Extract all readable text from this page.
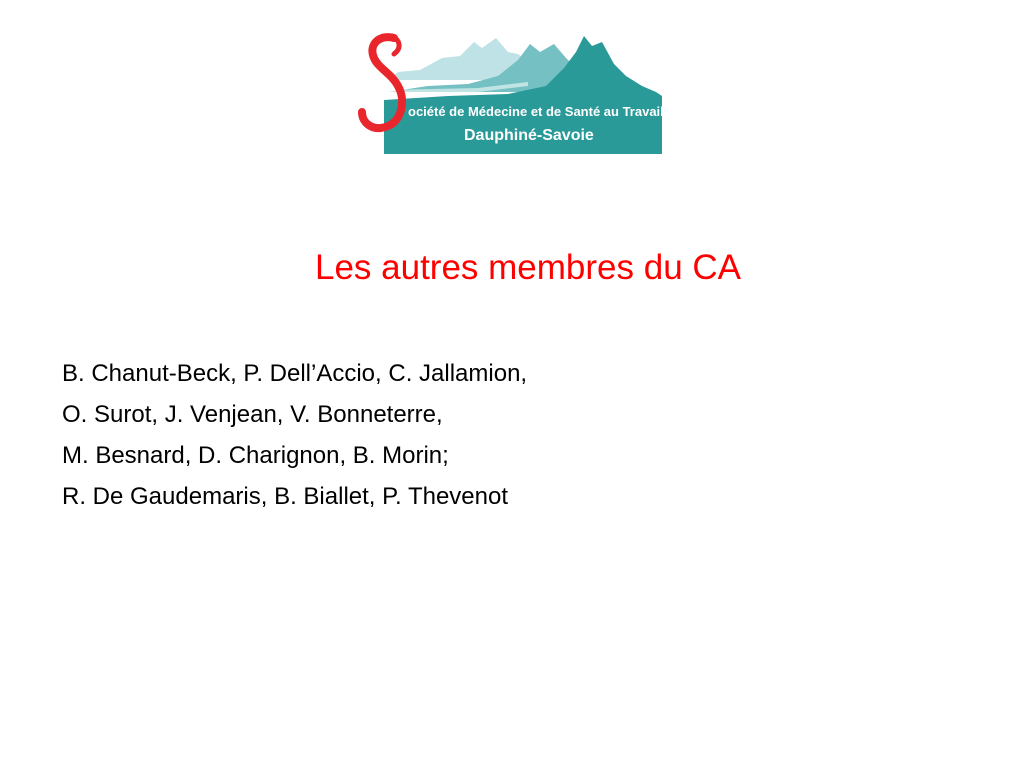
ociété de Médecine et de Santé au Travail
Dauphiné-Savoie
Les autres membres du CA
B. Chanut-Beck, P. Dell’Accio, C. Jallamion,
O. Surot, J. Venjean, V. Bonneterre,
M. Besnard, D. Charignon, B. Morin;
R. De Gaudemaris, B. Biallet, P. Thevenot
